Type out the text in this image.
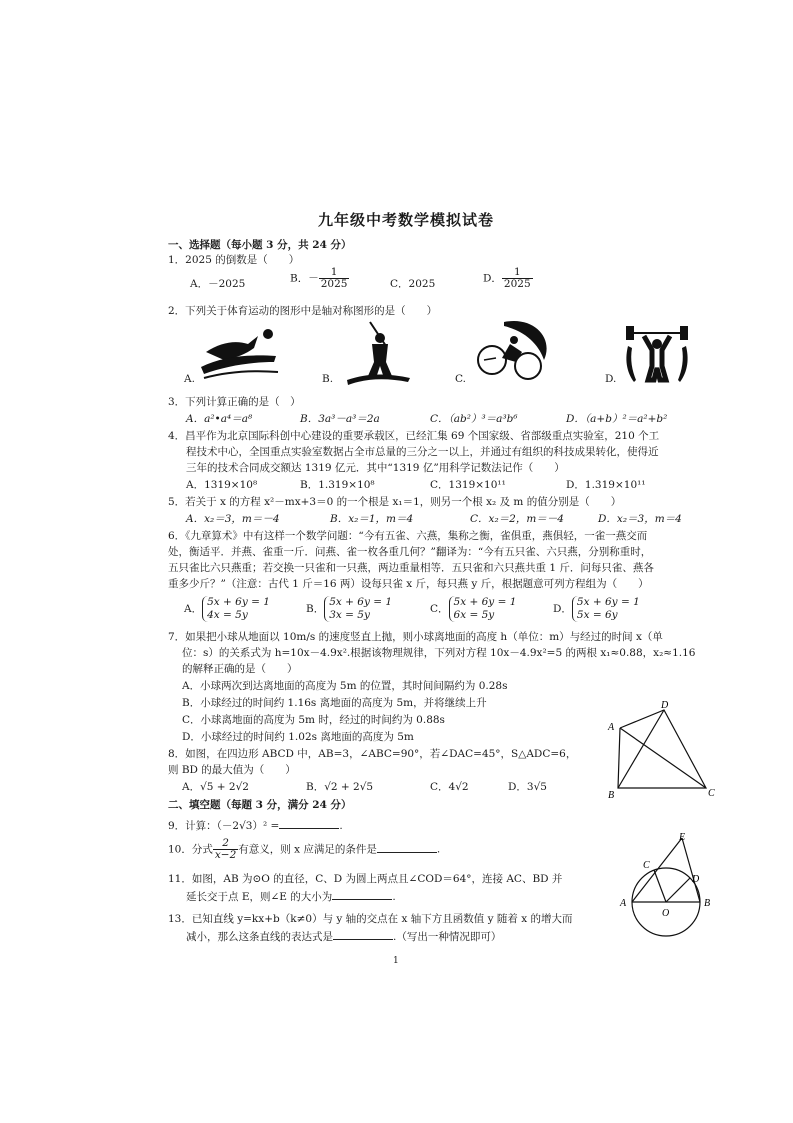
九年级中考数学模拟试卷
一、选择题（每小题 3 分，共 24 分）
1．2025 的倒数是（　　）
A．－2025	B．－ $\frac{1}{2025}$	C．2025	D． $\frac{1}{2025}$
2．下列关于体育运动的图形中是轴对称图形的是（　　）
A.	B.	C.	D.
3．下列计算正确的是（　）
A．a²•a⁴＝a⁸	B．3a³－a³＝2a	C．（ab²）³＝a³b⁶	D．（a+b）²＝a²+b²
4．昌平作为北京国际科创中心建设的重要承载区，已经汇集 69 个国家级、省部级重点实验室，210 个工
程技术中心，全国重点实验室数据占全市总量的三分之一以上，并通过有组织的科技成果转化，使得近
三年的技术合同成交额达 1319 亿元．其中“1319 亿”用科学记数法记作（　　）
A．1319×10⁸	B．1.319×10⁸	C．1319×10¹¹	D．1.319×10¹¹
5．若关于 x 的方程 x²－mx+3＝0 的一个根是 x₁＝1，则另一个根 x₂ 及 m 的值分别是（　　）
A．x₂＝3，m＝－4	B．x₂＝1，m＝4	C．x₂＝2，m＝－4	D．x₂＝3，m＝4
6．《九章算术》中有这样一个数学问题：“今有五雀、六燕，集称之衡，雀俱重，燕俱轻，一雀一燕交而
处，衡适平．并燕、雀重一斤．问燕、雀一枚各重几何？”翻译为：“今有五只雀、六只燕，分别称重时，
五只雀比六只燕重；若交换一只雀和一只燕，两边重量相等．五只雀和六只燕共重 1 斤．问每只雀、燕各
重多少斤？”（注意：古代 1 斤＝16 两）设每只雀 x 斤，每只燕 y 斤，根据题意可列方程组为（　　）
A．
5x + 6y = 1
4x = 5y	B．
5x + 6y = 1
3x = 5y	C．
5x + 6y = 1
6x = 5y	D．
5x + 6y = 1
5x = 6y
7．如果把小球从地面以 10m/s 的速度竖直上抛，则小球离地面的高度 h（单位：m）与经过的时间 x（单
位：s）的关系式为 h=10x－4.9x².根据该物理规律，下列对方程 10x－4.9x²=5 的两根 x₁≈0.88，x₂≈1.16
的解释正确的是（　　）
A．小球两次到达离地面的高度为 5m 的位置，其时间间隔约为 0.28s
B．小球经过的时间约 1.16s 离地面的高度为 5m，并将继续上升
C．小球离地面的高度为 5m 时，经过的时间约为 0.88s
D．小球经过的时间约 1.02s 离地面的高度为 5m
8．如图，在四边形 ABCD 中，AB=3，∠ABC=90°，若∠DAC=45°，S△ADC=6，
则 BD 的最大值为（　　）
A．√5 + 2√2	B．√2 + 2√5	C．4√2	D．3√5
A
D
C
B
二、填空题（每题 3 分，满分 24 分）
9．计算：（－2√3）² =	.
10．分式 $\frac{2}{x-2}$ 有意义，则 x 应满足的条件是	.
11．如图，AB 为⊙O 的直径，C、D 为圆上两点且∠COD＝64°，连接 AC、BD 并
延长交于点 E，则∠E 的大小为	.
E
C
D
A	B
O
13．已知直线 y=kx+b（k≠0）与 y 轴的交点在 x 轴下方且函数值 y 随着 x 的增大而
减小，那么这条直线的表达式是	.（写出一种情况即可）
1
